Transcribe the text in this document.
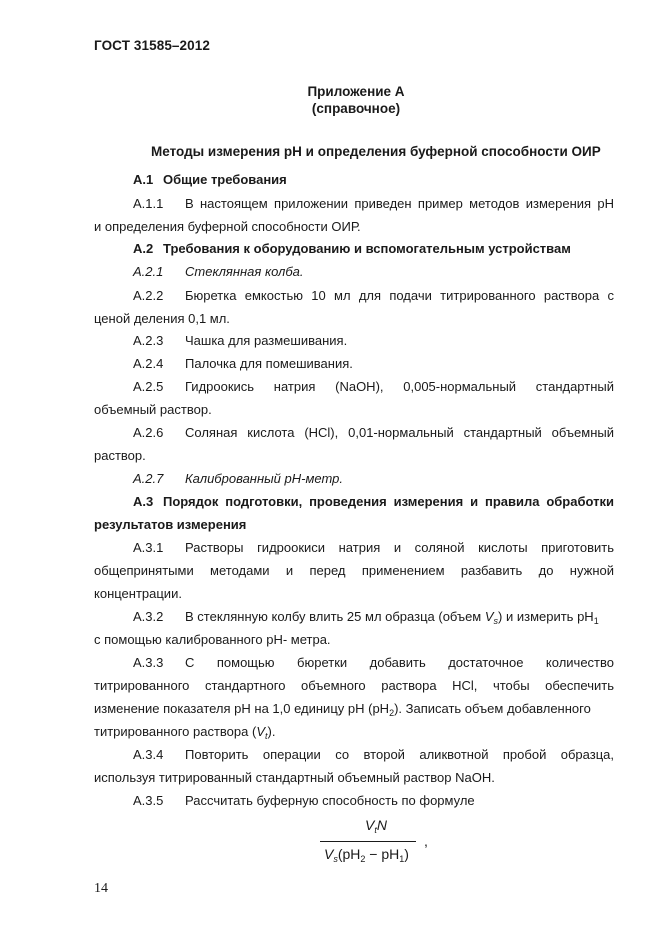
ГОСТ 31585–2012
Приложение А
(справочное)
Методы измерения pH и определения буферной способности ОИР
А.1 Общие требования
А.1.1 В настоящем приложении приведен пример методов измерения pH
и определения буферной способности ОИР.
А.2 Требования к оборудованию и вспомогательным устройствам
А.2.1 Стеклянная колба.
А.2.2 Бюретка емкостью 10 мл для подачи титрированного раствора с
ценой деления 0,1 мл.
А.2.3 Чашка для размешивания.
А.2.4 Палочка для помешивания.
А.2.5 Гидроокись натрия (NaOH), 0,005-нормальный стандартный
объемный раствор.
А.2.6 Соляная кислота (HCl), 0,01-нормальный стандартный объемный
раствор.
А.2.7 Калиброванный pH-метр.
А.3 Порядок подготовки, проведения измерения и правила обработки
результатов измерения
А.3.1 Растворы гидроокиси натрия и соляной кислоты приготовить
общепринятыми методами и перед применением разбавить до нужной
концентрации.
А.3.2 В стеклянную колбу влить 25 мл образца (объем $V_s$) и измерить $pH_1$
с помощью калиброванного pH- метра.
А.3.3 С помощью бюретки добавить достаточное количество
титрированного стандартного объемного раствора HCl, чтобы обеспечить
изменение показателя pH на 1,0 единицу pH $(pH_2)$. Записать объем добавленного
титрированного раствора $(V_t)$.
А.3.4 Повторить операции со второй аликвотной пробой образца,
используя титрированный стандартный объемный раствор NaOH.
А.3.5 Рассчитать буферную способность по формуле
$V_tN$
$V_s(pH_2 - pH_1)$
,
14
